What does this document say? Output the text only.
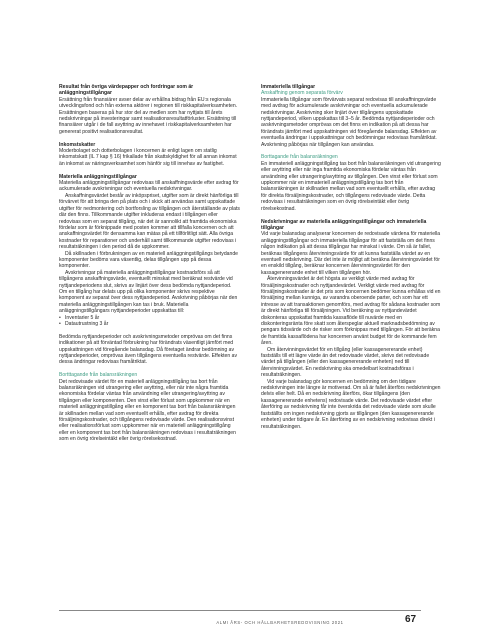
Resultat från övriga värdepapper och fordringar som är anläggningstillgångar

Ersättning från finansiärer avser delar av erhållna bidrag från EU:s regionala utvecklingsfond och från externa aktörer i regionen till riskkapitalverksamheten. Ersättningen baseras på hur stor del av medlen som har nyttjats till årets nedskrivningar på investeringar samt realisationsresultatförluster. Ersättning till finansiärer utgår i de fall avyttring av innehavet i riskkapitalverksamheten har genererat positivt realisationsresultat.

Inkomstskatter

Moderbolaget och dotterbolagen i koncernen är enligt lagen om statlig inkomstskatt (IL 7 kap § 16) frikallade från skattskyldighet för all annan inkomst än inkomst av näringsverksamhet som hänför sig till innehav av fastighet.

Materiella anläggningstillgångar

Materiella anläggningstillgångar redovisas till anskaffningsvärde efter avdrag för ackumulerade avskrivningar och eventuella nedskrivningar.

Anskaffningsvärdet består av inköpspriset, utgifter som är direkt hänförliga till förvärvet för att bringa den på plats och i skick att användas samt uppskattade utgifter för nedmontering och bortforsling av tillgången och återställande av plats där den finns. Tillkommande utgifter inkluderas endast i tillgången eller redovisas som en separat tillgång, när det är sannolikt att framtida ekonomiska fördelar som är förknippade med posten kommer att tillfalla koncernen och att anskaffningsvärdet för densamma kan mätas på ett tillförlitligt sätt. Alla övriga kostnader för reparationer och underhåll samt tillkommande utgifter redovisas i resultaträkningen i den period då de uppkommer.

Då skillnaden i förbrukningen av en materiell anläggningstillgångs betydande komponenter bedöms vara väsentlig, delas tillgången upp på dessa komponenter.

Avskrivningar på materiella anläggningstillgångar kostnadsförs så att tillgångens anskaffningsvärde, eventuellt minskat med beräknat restvärde vid nyttjandeperiodens slut, skrivs av linjärt över dess bedömda nyttjandeperiod. Om en tillgång har delats upp på olika komponenter skrivs respektive komponent av separat över dess nyttjandeperiod. Avskrivning påbörjas när den materiella anläggningstillgången kan tas i bruk. Materiella anläggningstillgångars nyttjandeperioder uppskattas till:

• Inventarier 5 år
• Datautrustning 3 år

Bedömda nyttjandeperioder och avskrivningsmetoder omprövas om det finns indikationer på att förväntad förbrukning har förändrats väsentligt jämfört med uppskattningen vid föregående balansdag. Då företaget ändrar bedömning av nyttjandeperioder, omprövas även tillgångens eventuella restvärde. Effekten av dessa ändringar redovisas framåtriktat.

Bortttagande från balansräkningen

Det redovisade värdet för en materiell anläggningstillgång tas bort från balansräkningen vid utrangering eller avyttring, eller när inte några framtida ekonomiska fördelar väntas från användning eller utrangering/avyttring av tillgången eller komponenten. Den vinst eller förlust som uppkommer när en materiell anläggningstillgång eller en komponent tas bort från balansräkningen är skillnaden mellan vad som eventuellt erhålls, efter avdrag för direkta försäljningskostnader, och tillgångens redovisade värde. Den realisationsvinst eller realisationsförlust som uppkommer när en materiell anläggningstillgång eller en komponent tas bort från balansräkningen redovisas i resultaträkningen som en övrig rörelseintäkt eller övrig rörelsekostnad.

Immateriella tillgångar
Anskaffning genom separata förvärv

Immateriella tillgångar som förvärvats separat redovisas till anskaffningsvärde med avdrag för ackumulerade avskrivningar och eventuella ackumulerade nedskrivningar. Avskrivning sker linjärt över tillgångens uppskattade nyttjandeperiod, vilken uppskattas till 3–5 år. Bedömda nyttjandeperioder och avskrivningsmetoder omprövas om det finns en indikation på att dessa har förändrats jämfört med uppskattningen vid föregående balansdag. Effekten av eventuella ändringar i uppskattningar och bedömningar redovisas framåtriktat. Avskrivning påbörjas när tillgången kan användas.

Borttagande från balansräkningen

En immateriell anläggningstillgång tas bort från balansräkningen vid utrangering eller avyttring eller när inga framtida ekonomiska fördelar väntas från användning eller utrangering/avyttring av tillgången. Den vinst eller förlust som uppkommer när en immateriell anläggningstillgång tas bort från balansräkningen är skillnaden mellan vad som eventuellt erhålls, efter avdrag för direkta försäljningskostnader, och tillgångens redovisade värde. Detta redovisas i resultaträkningen som en övrig rörelseintäkt eller övrig rörelsekostnad.

Nedskrivningar av materiella anläggningstillgångar och immateriella tillgångar

Vid varje balansdag analyserar koncernen de redovisade värdena för materiella anläggningstillgångar och immateriella tillgångar för att fastställa om det finns någon indikation på att dessa tillgångar har minskat i värde. Om så är fallet, beräknas tillgångens återvinningsvärde för att kunna fastställa värdet av en eventuell nedskrivning. Där det inte är möjligt att beräkna återvinningsvärdet för en enskild tillgång, beräknar koncernen återvinningsvärdet för den kassagenererande enhet till vilken tillgången hör.

Återvinningsvärdet är det högsta av verkligt värde med avdrag för försäljningskostnader och nyttjandevärdet. Verkligt värde med avdrag för försäljningskostnader är det pris som koncernen bedömer kunna erhållas vid en försäljning mellan kunniga, av varandra oberoende parter, och som har ett intresse av att transaktionen genomförs, med avdrag för sådana kostnader som är direkt hänförliga till försäljningen. Vid beräkning av nyttjandevärdet diskonteras uppskattat framtida kassaflöde till nuvärde med en diskonteringsränta före skatt som återspeglar aktuell marknadsbedömning av pengars tidsvärde och de risker som förknippas med tillgången. För att beräkna de framtida kassaflödena har koncernen använt budget för de kommande fem åren.

Om återvinningsvärdet för en tillgång (eller kassagenererande enhet) fastställs till ett lägre värde än det redovisade värdet, skrivs det redovisade värdet på tillgången (eller den kassagenererande enheten) ned till återvinningsvärdet. En nedskrivning ska omedelbart kostnadsföras i resultaträkningen.

Vid varje balansdag gör koncernen en bedömning om den tidigare nedskrivningen inte längre är motiverad. Om så är fallet återförs nedskrivningen delvis eller helt. Då en nedskrivning återförs, ökar tillgångens (den kassagenererande enhetens) redovisade värde. Det redovisade värdet efter återföring av nedskrivning får inte överskrida det redovisade värde som skulle fastställts om ingen nedskrivning gjorts av tillgången (den kassagenererande enheten) under tidigare år. En återföring av en nedskrivning redovisas direkt i resultaträkningen.

ALMI ÅRS- OCH HÅLLBARHETSREDOVISNING 2021	67
